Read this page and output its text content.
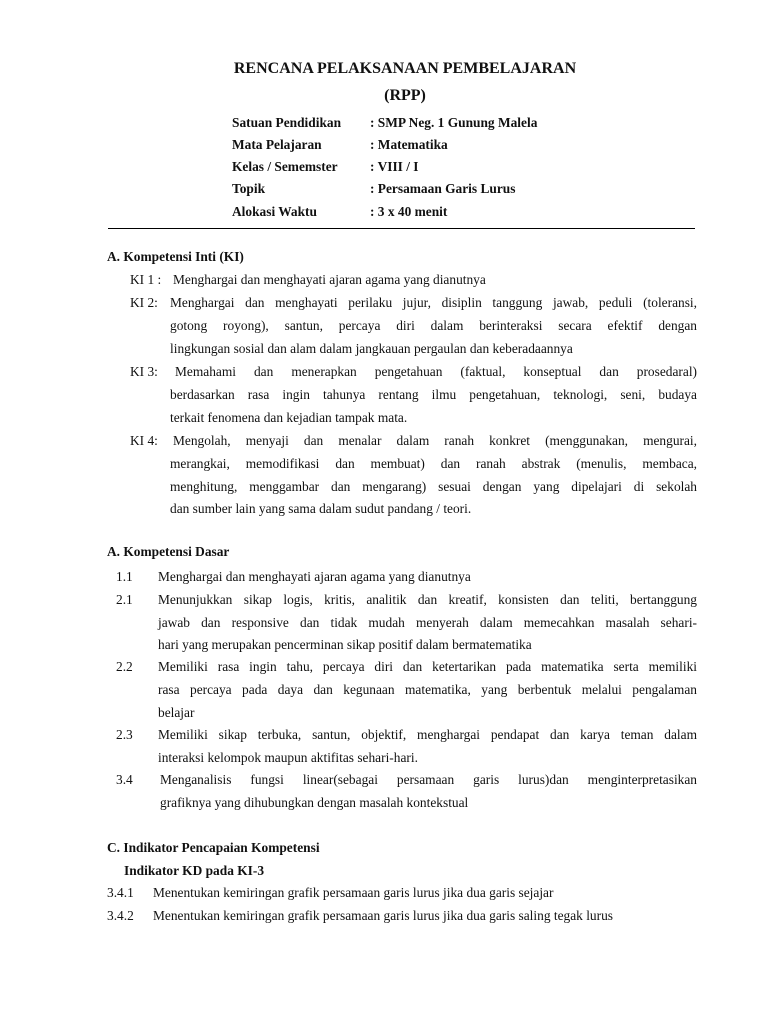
RENCANA PELAKSANAAN PEMBELAJARAN
(RPP)
Satuan Pendidikan : SMP Neg. 1 Gunung Malela
Mata Pelajaran	: Matematika
Kelas / Sememster : VIII / I
Topik	: Persamaan Garis Lurus
Alokasi Waktu	: 3 x 40 menit
A. Kompetensi Inti (KI)
KI 1 : Menghargai dan menghayati ajaran agama yang dianutnya
KI 2: Menghargai dan menghayati perilaku jujur, disiplin tanggung jawab, peduli (toleransi,
gotong royong), santun, percaya diri dalam berinteraksi secara efektif dengan
lingkungan sosial dan alam dalam jangkauan pergaulan dan keberadaannya
KI 3: Memahami dan menerapkan pengetahuan (faktual, konseptual dan prosedaral)
berdasarkan rasa ingin tahunya rentang ilmu pengetahuan, teknologi, seni, budaya
terkait fenomena dan kejadian tampak mata.
KI 4: Mengolah, menyaji dan menalar dalam ranah konkret (menggunakan, mengurai,
merangkai, memodifikasi dan membuat) dan ranah abstrak (menulis, membaca,
menghitung, menggambar dan mengarang) sesuai dengan yang dipelajari di sekolah
dan sumber lain yang sama dalam sudut pandang / teori.
A. Kompetensi Dasar
1.1 Menghargai dan menghayati ajaran agama yang dianutnya
2.1 Menunjukkan sikap logis, kritis, analitik dan kreatif, konsisten dan teliti, bertanggung
jawab dan responsive dan tidak mudah menyerah dalam memecahkan masalah sehari-
hari yang merupakan pencerminan sikap positif dalam bermatematika
2.2 Memiliki rasa ingin tahu, percaya diri dan ketertarikan pada matematika serta memiliki
rasa percaya pada daya dan kegunaan matematika, yang berbentuk melalui pengalaman
belajar
2.3 Memiliki sikap terbuka, santun, objektif, menghargai pendapat dan karya teman dalam
interaksi kelompok maupun aktifitas sehari-hari.
3.4 Menganalisis fungsi linear(sebagai persamaan garis lurus)dan menginterpretasikan
grafiknya yang dihubungkan dengan masalah kontekstual
C. Indikator Pencapaian Kompetensi
Indikator KD pada KI-3
3.4.1 Menentukan kemiringan grafik persamaan garis lurus jika dua garis sejajar
3.4.2 Menentukan kemiringan grafik persamaan garis lurus jika dua garis saling tegak lurus
